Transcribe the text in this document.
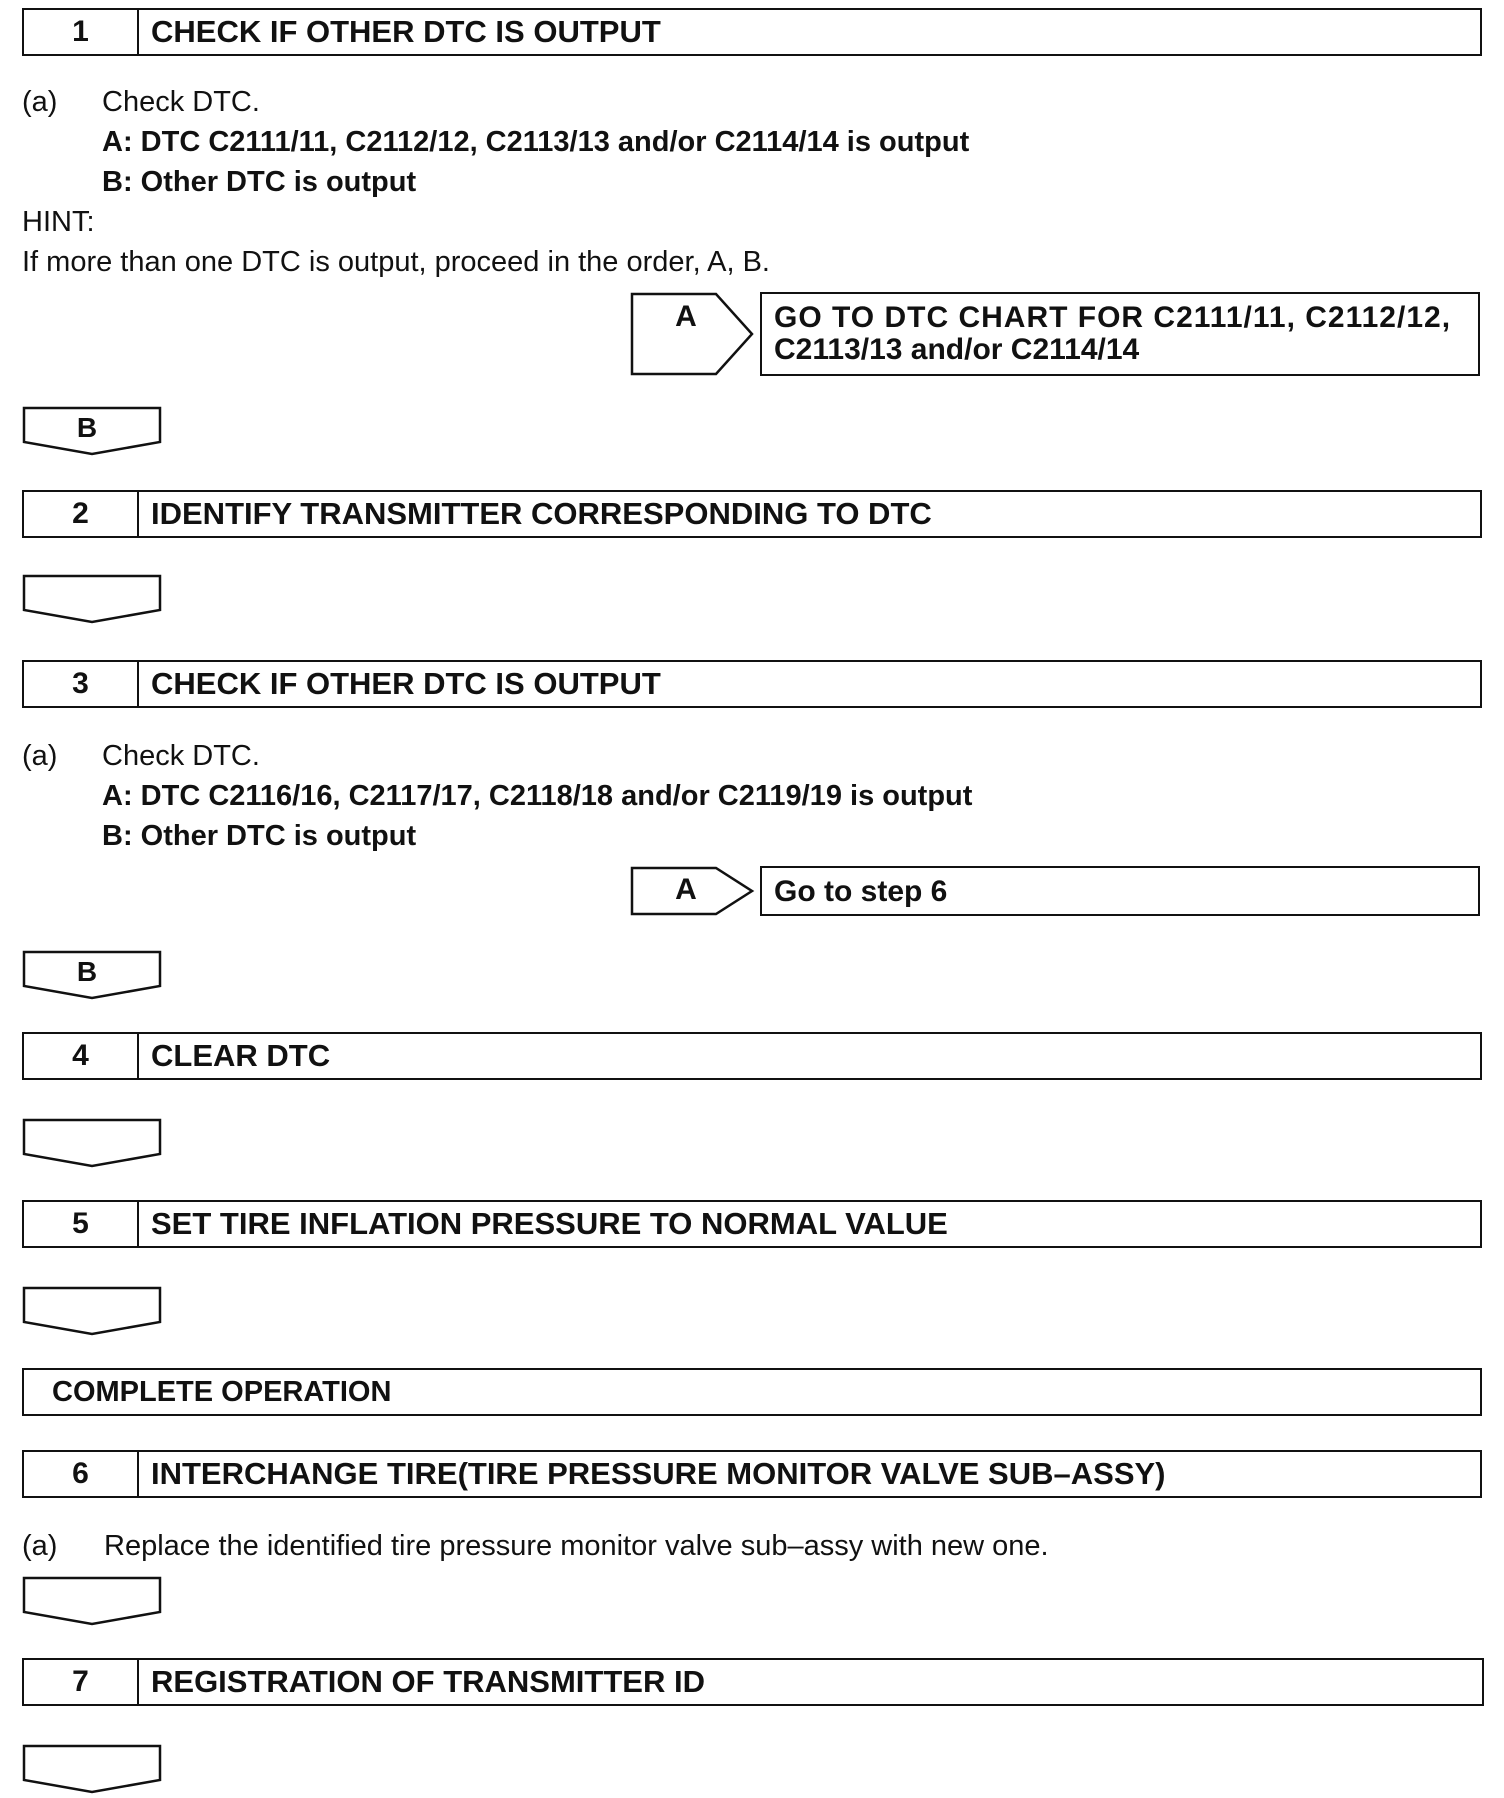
1	CHECK IF OTHER DTC IS OUTPUT
(a) Check DTC.
A: DTC C2111/11, C2112/12, C2113/13 and/or C2114/14 is output
B: Other DTC is output
HINT:
If more than one DTC is output, proceed in the order, A, B.
A	GO TO DTC CHART FOR C2111/11, C2112/12,
C2113/13 and/or C2114/14
B
2	IDENTIFY TRANSMITTER CORRESPONDING TO DTC
3	CHECK IF OTHER DTC IS OUTPUT
(a) Check DTC.
A: DTC C2116/16, C2117/17, C2118/18 and/or C2119/19 is output
B: Other DTC is output
A	Go to step 6
B
4	CLEAR DTC
5	SET TIRE INFLATION PRESSURE TO NORMAL VALUE
COMPLETE OPERATION
6	INTERCHANGE TIRE(TIRE PRESSURE MONITOR VALVE SUB–ASSY)
(a) Replace the identified tire pressure monitor valve sub–assy with new one.
7	REGISTRATION OF TRANSMITTER ID
